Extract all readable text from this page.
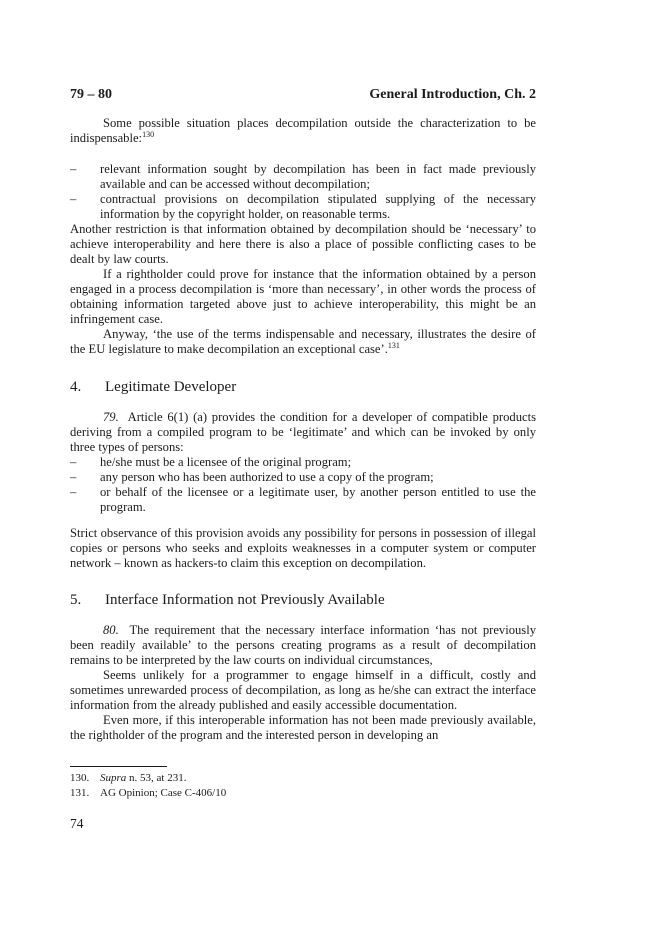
79 – 80	General Introduction, Ch. 2

Some possible situation places decompilation outside the characterization to be indispensable:$^{130}$

–	relevant information sought by decompilation has been in fact made previously available and can be accessed without decompilation;
–	contractual provisions on decompilation stipulated supplying of the necessary information by the copyright holder, on reasonable terms.

Another restriction is that information obtained by decompilation should be ‘necessary’ to achieve interoperability and here there is also a place of possible conflicting cases to be dealt by law courts.

If a rightholder could prove for instance that the information obtained by a person engaged in a process decompilation is ‘more than necessary’, in other words the process of obtaining information targeted above just to achieve interoperability, this might be an infringement case.

Anyway, ‘the use of the terms indispensable and necessary, illustrates the desire of the EU legislature to make decompilation an exceptional case’.$^{131}$

4.	Legitimate Developer

79. Article 6(1) (a) provides the condition for a developer of compatible products deriving from a compiled program to be ‘legitimate’ and which can be invoked by only three types of persons:

–	he/she must be a licensee of the original program;
–	any person who has been authorized to use a copy of the program;
–	or behalf of the licensee or a legitimate user, by another person entitled to use the program.

Strict observance of this provision avoids any possibility for persons in possession of illegal copies or persons who seeks and exploits weaknesses in a computer system or computer network – known as hackers-to claim this exception on decompilation.

5.	Interface Information not Previously Available

80. The requirement that the necessary interface information ‘has not previously been readily available’ to the persons creating programs as a result of decompilation remains to be interpreted by the law courts on individual circumstances,

Seems unlikely for a programmer to engage himself in a difficult, costly and sometimes unrewarded process of decompilation, as long as he/she can extract the interface information from the already published and easily accessible documentation.

Even more, if this interoperable information has not been made previously available, the rightholder of the program and the interested person in developing an

130. Supra n. 53, at 231.

131. AG Opinion; Case C-406/10

74
